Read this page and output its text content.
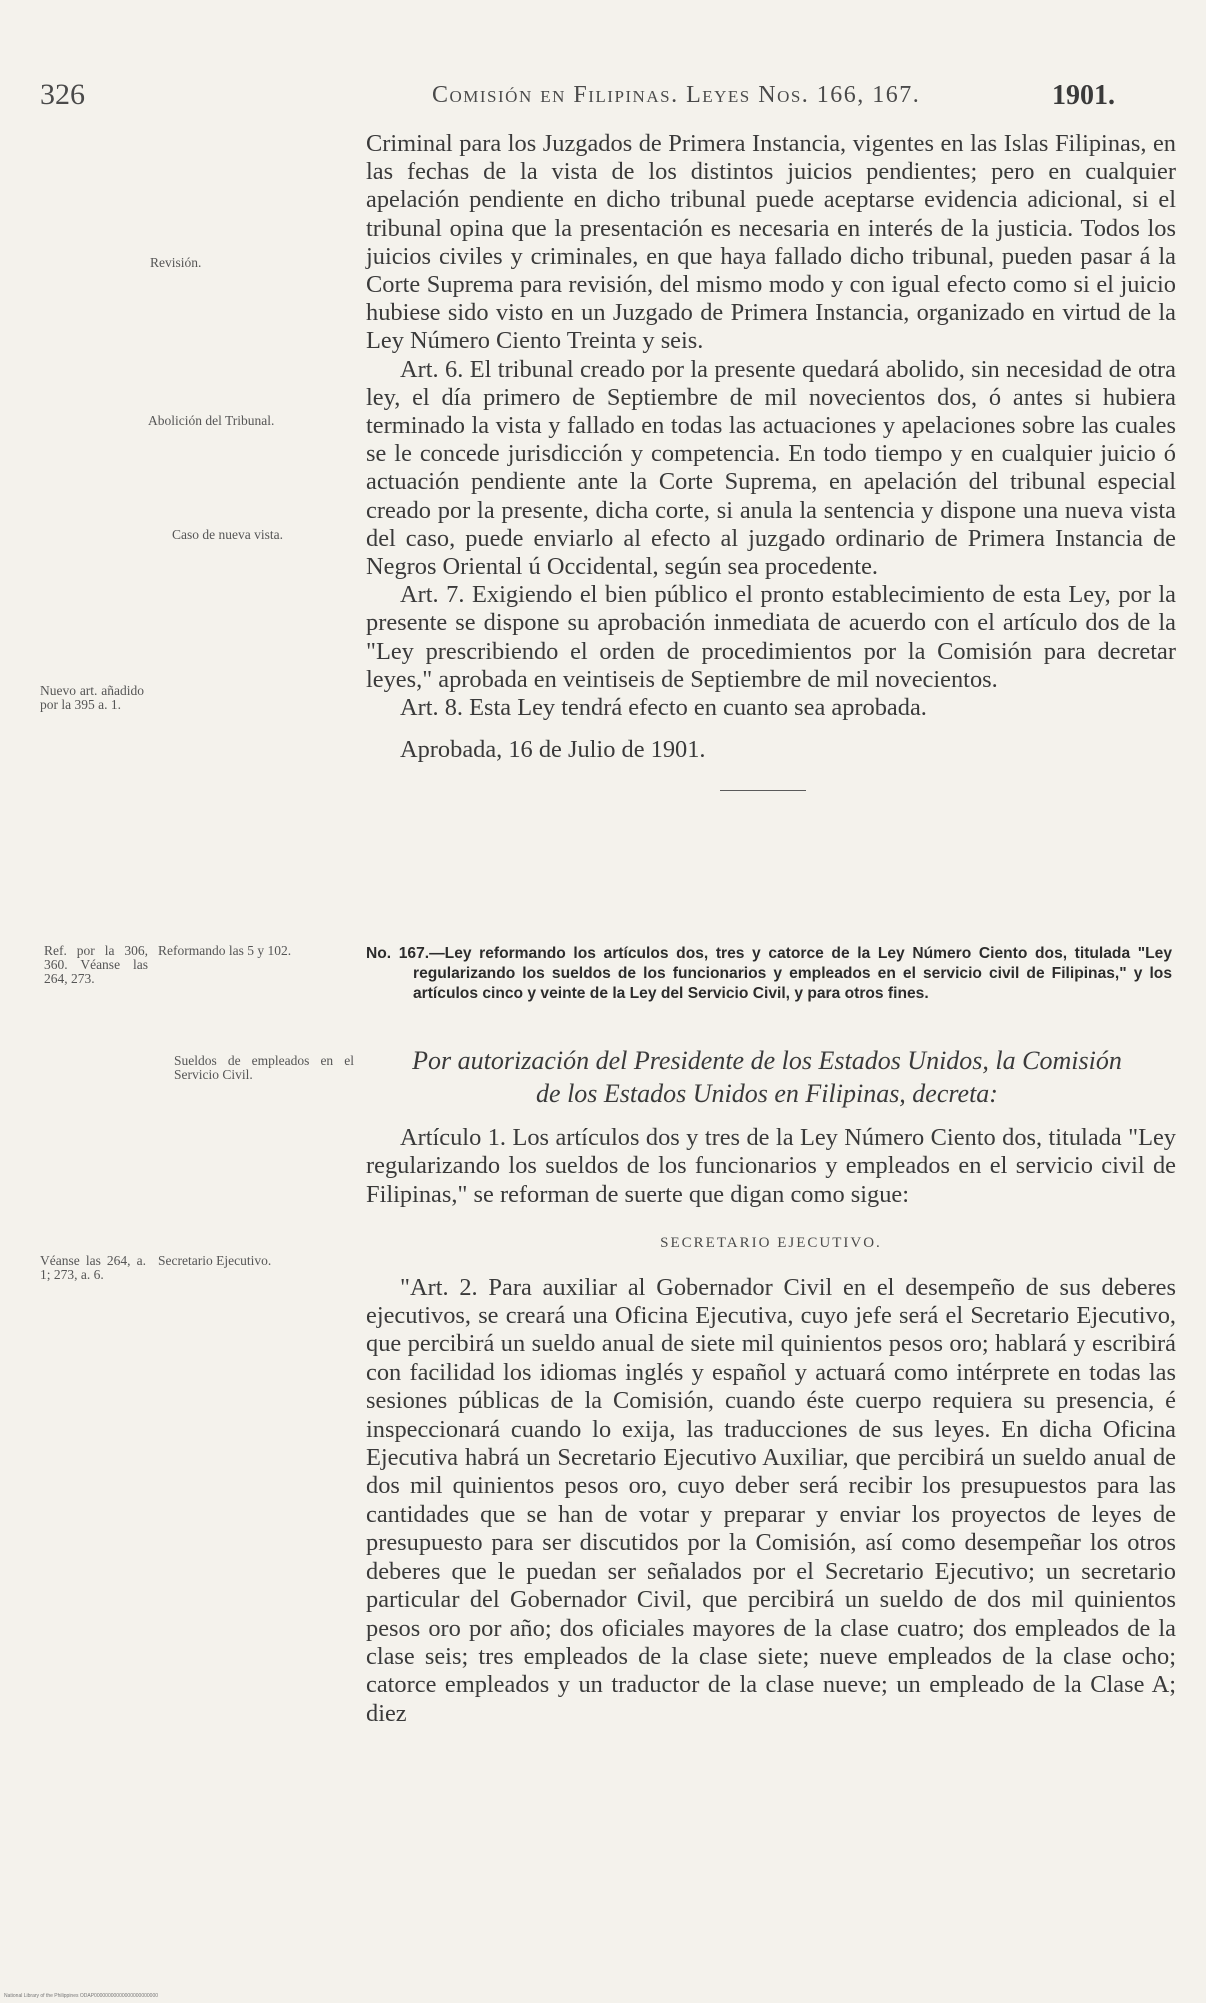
326	Comisión en Filipinas. Leyes Nos. 166, 167.	1901.
Revisión.
Abolición del Tribunal.
Caso de nueva vista.
Nuevo art. añadido por la 395 a. 1.
Ref. por la 306, 360. Véanse las 264, 273.
Reformando las 5 y 102.
Sueldos de empleados en el Servicio Civil.
Véanse las 264, a. 1; 273, a. 6.
Secretario Ejecutivo.

Criminal para los Juzgados de Primera Instancia, vigentes en las Islas Filipinas, en las fechas de la vista de los distintos juicios pendientes; pero en cualquier apelación pendiente en dicho tribunal puede aceptarse evidencia adicional, si el tribunal opina que la presentación es necesaria en interés de la justicia. Todos los juicios civiles y criminales, en que haya fallado dicho tribunal, pueden pasar á la Corte Suprema para revisión, del mismo modo y con igual efecto como si el juicio hubiese sido visto en un Juzgado de Primera Instancia, organizado en virtud de la Ley Número Ciento Treinta y seis.

Art. 6. El tribunal creado por la presente quedará abolido, sin necesidad de otra ley, el día primero de Septiembre de mil novecientos dos, ó antes si hubiera terminado la vista y fallado en todas las actuaciones y apelaciones sobre las cuales se le concede jurisdicción y competencia. En todo tiempo y en cualquier juicio ó actuación pendiente ante la Corte Suprema, en apelación del tribunal especial creado por la presente, dicha corte, si anula la sentencia y dispone una nueva vista del caso, puede enviarlo al efecto al juzgado ordinario de Primera Instancia de Negros Oriental ú Occidental, según sea procedente.

Art. 7. Exigiendo el bien público el pronto establecimiento de esta Ley, por la presente se dispone su aprobación inmediata de acuerdo con el artículo dos de la "Ley prescribiendo el orden de procedimientos por la Comisión para decretar leyes," aprobada en veintiseis de Septiembre de mil novecientos.

Art. 8. Esta Ley tendrá efecto en cuanto sea aprobada.

Aprobada, 16 de Julio de 1901.

No. 167.—Ley reformando los artículos dos, tres y catorce de la Ley Número Ciento dos, titulada "Ley regularizando los sueldos de los funcionarios y empleados en el servicio civil de Filipinas," y los artículos cinco y veinte de la Ley del Servicio Civil, y para otros fines.

Por autorización del Presidente de los Estados Unidos, la Comisión
de los Estados Unidos en Filipinas, decreta:

Artículo 1. Los artículos dos y tres de la Ley Número Ciento dos, titulada "Ley regularizando los sueldos de los funcionarios y empleados en el servicio civil de Filipinas," se reforman de suerte que digan como sigue:

SECRETARIO EJECUTIVO.

"Art. 2. Para auxiliar al Gobernador Civil en el desempeño de sus deberes ejecutivos, se creará una Oficina Ejecutiva, cuyo jefe será el Secretario Ejecutivo, que percibirá un sueldo anual de siete mil quinientos pesos oro; hablará y escribirá con facilidad los idiomas inglés y español y actuará como intérprete en todas las sesiones públicas de la Comisión, cuando éste cuerpo requiera su presencia, é inspeccionará cuando lo exija, las traducciones de sus leyes. En dicha Oficina Ejecutiva habrá un Secretario Ejecutivo Auxiliar, que percibirá un sueldo anual de dos mil quinientos pesos oro, cuyo deber será recibir los presupuestos para las cantidades que se han de votar y preparar y enviar los proyectos de leyes de presupuesto para ser discutidos por la Comisión, así como desempeñar los otros deberes que le puedan ser señalados por el Secretario Ejecutivo; un secretario particular del Gobernador Civil, que percibirá un sueldo de dos mil quinientos pesos oro por año; dos oficiales mayores de la clase cuatro; dos empleados de la clase seis; tres empleados de la clase siete; nueve empleados de la clase ocho; catorce empleados y un traductor de la clase nueve; un empleado de la Clase A; diez

National Library of the Philippines ODAP00000000000000000000000
